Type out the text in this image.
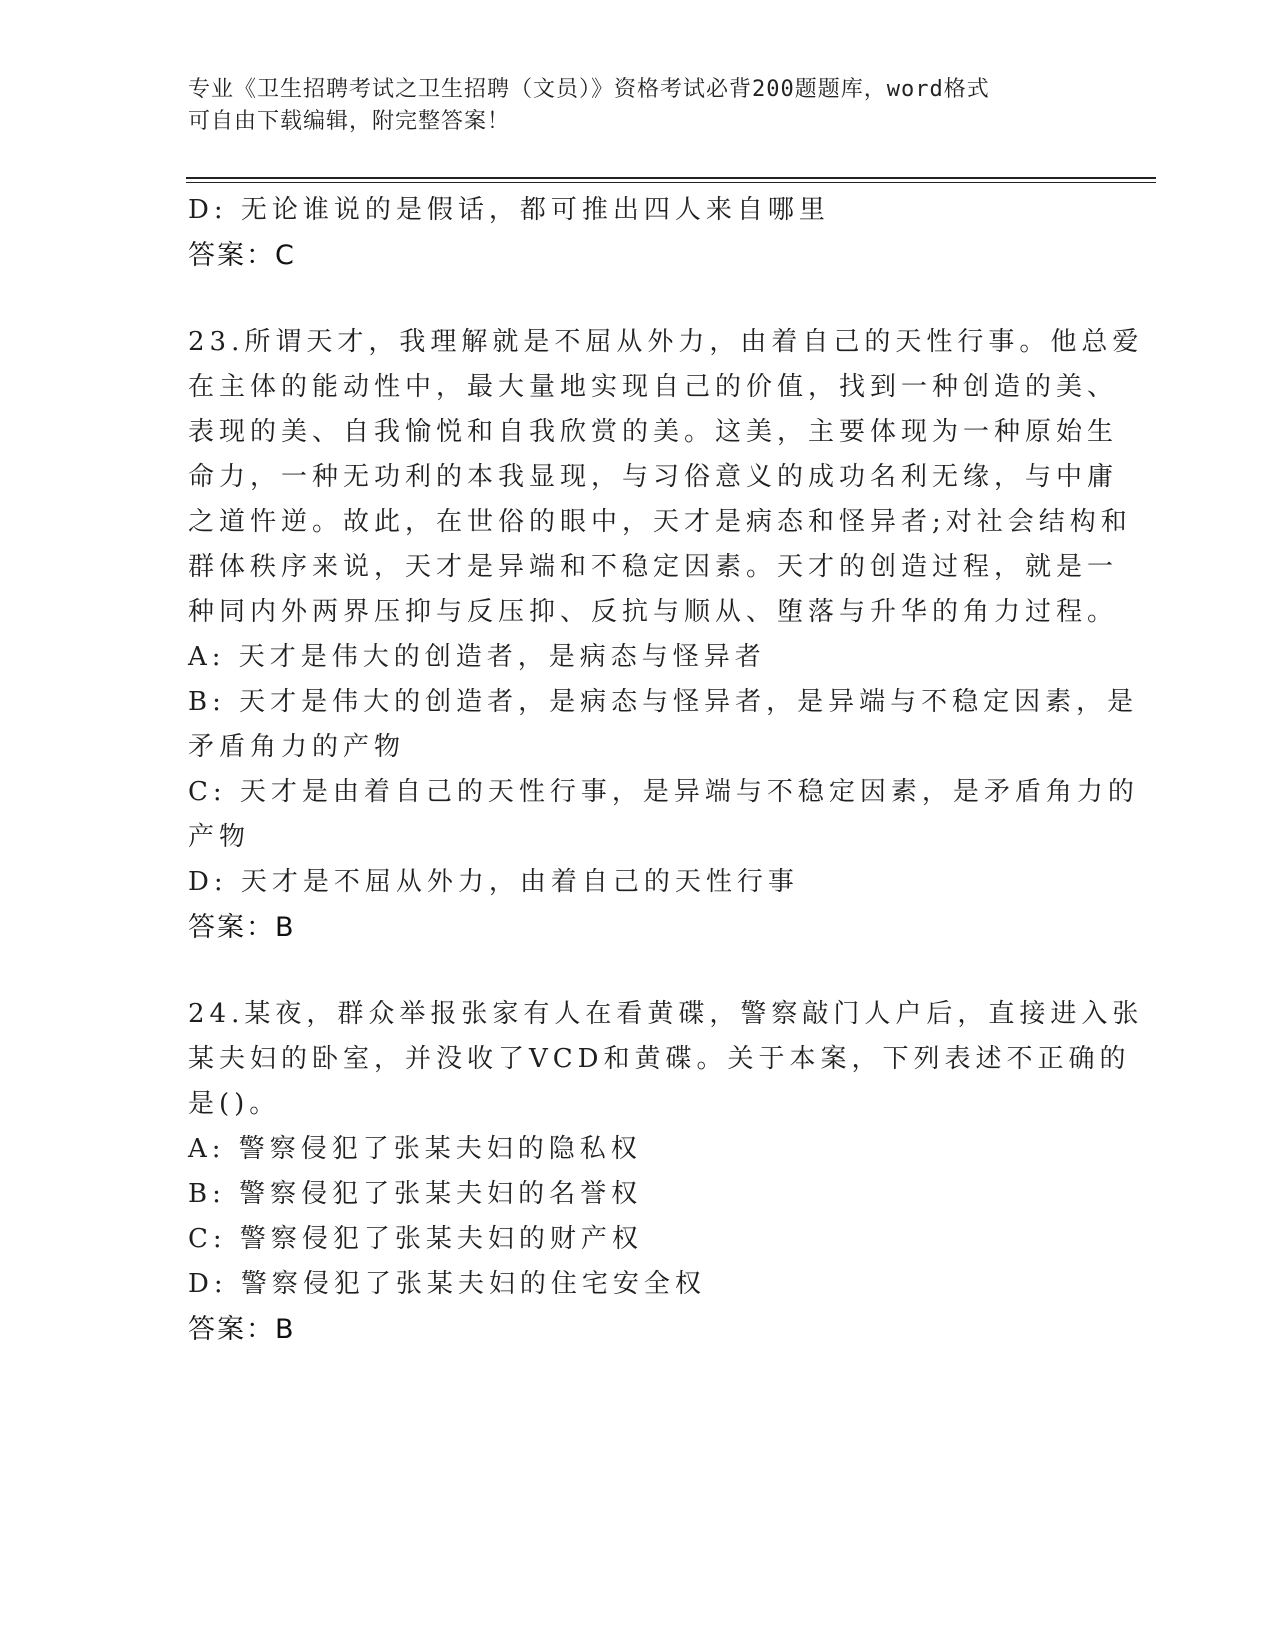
专业《卫生招聘考试之卫生招聘（文员）》资格考试必背200题题库，word格式
可自由下载编辑，附完整答案！
D: 无论谁说的是假话，都可推出四人来自哪里
答案：C
23.所谓天才，我理解就是不屈从外力，由着自己的天性行事。他总爱
在主体的能动性中，最大量地实现自己的价值，找到一种创造的美、
表现的美、自我愉悦和自我欣赏的美。这美，主要体现为一种原始生
命力，一种无功利的本我显现，与习俗意义的成功名利无缘，与中庸
之道忤逆。故此，在世俗的眼中，天才是病态和怪异者;对社会结构和
群体秩序来说，天才是异端和不稳定因素。天才的创造过程，就是一
种同内外两界压抑与反压抑、反抗与顺从、堕落与升华的角力过程。
A: 天才是伟大的创造者，是病态与怪异者
B: 天才是伟大的创造者，是病态与怪异者，是异端与不稳定因素，是
矛盾角力的产物
C: 天才是由着自己的天性行事，是异端与不稳定因素，是矛盾角力的
产物
D: 天才是不屈从外力，由着自己的天性行事
答案：B
24.某夜，群众举报张家有人在看黄碟，警察敲门人户后，直接进入张
某夫妇的卧室，并没收了VCD和黄碟。关于本案，下列表述不正确的
是()。
A: 警察侵犯了张某夫妇的隐私权
B: 警察侵犯了张某夫妇的名誉权
C: 警察侵犯了张某夫妇的财产权
D: 警察侵犯了张某夫妇的住宅安全权
答案：B
